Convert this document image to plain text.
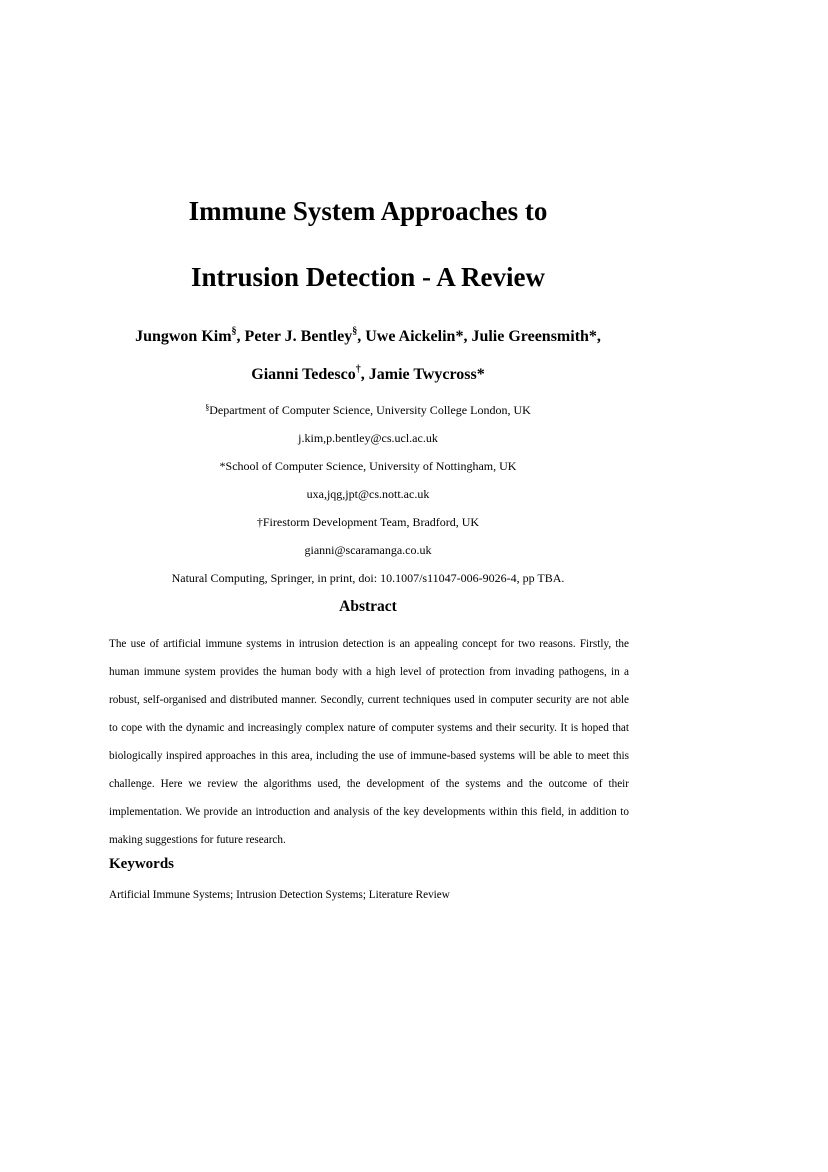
Immune System Approaches to
Intrusion Detection - A Review
Jungwon Kim§, Peter J. Bentley§, Uwe Aickelin*, Julie Greensmith*,
Gianni Tedesco†, Jamie Twycross*
§Department of Computer Science, University College London, UK
j.kim,p.bentley@cs.ucl.ac.uk
*School of Computer Science, University of Nottingham, UK
uxa,jqg,jpt@cs.nott.ac.uk
†Firestorm Development Team, Bradford, UK
gianni@scaramanga.co.uk
Natural Computing, Springer, in print, doi: 10.1007/s11047-006-9026-4, pp TBA.
Abstract

The use of artificial immune systems in intrusion detection is an appealing concept for two reasons. Firstly, the human immune system provides the human body with a high level of protection from invading pathogens, in a robust, self-organised and distributed manner. Secondly, current techniques used in computer security are not able to cope with the dynamic and increasingly complex nature of computer systems and their security. It is hoped that biologically inspired approaches in this area, including the use of immune-based systems will be able to meet this challenge. Here we review the algorithms used, the development of the systems and the outcome of their implementation. We provide an introduction and analysis of the key developments within this field, in addition to making suggestions for future research.

Keywords

Artificial Immune Systems; Intrusion Detection Systems; Literature Review
